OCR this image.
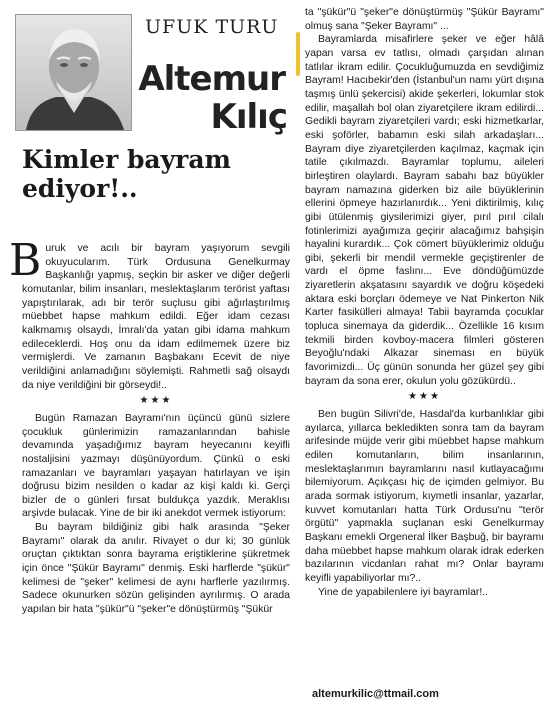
UFUK TURU
Altemur
Kılıç
Kimler bayram ediyor!..

Buruk ve acılı bir bayram yaşıyorum sevgili okuyucularım. Türk Ordusuna Genelkurmay Başkanlığı yapmış, seçkin bir asker ve diğer değerli komutanlar, bilim insanları, meslektaşlarım terörist yaftası yapıştırılarak, adı bir terör suçlusu gibi ağırlaştırılmış müebbet hapse mahkum edildi. Eğer idam cezası kalkmamış olsaydı, İmralı'da yatan gibi idama mahkum edileceklerdi. Hoş onu da idam edilmemek üzere biz vermişlerdi. Ve zamanın Başbakanı Ecevit de niye verildiğini anlamadığını söylemişti. Rahmetli sağ olsaydı da niye verildiğini bir görseydi!..

★★★

Bugün Ramazan Bayramı'nın üçüncü günü sizlere çocukluk günlerimizin ramazanlarından bahisle devamında yaşadığımız bayram heyecanını keyifli nostaljisini yazmayı düşünüyordum. Çünkü o eski ramazanları ve bayramları yaşayan hatırlayan ve işin doğrusu bizim nesilden o kadar az kişi kaldı ki. Gerçi bizler de o günleri fırsat buldukça yazdık. Meraklısı arşivde bulacak. Yine de bir iki anekdot vermek istiyorum:

Bu bayram bildiğiniz gibi halk arasında "Şeker Bayramı" olarak da anılır. Rivayet o dur ki; 30 günlük oruçtan çıktıktan sonra bayrama eriştiklerine şükretmek için önce "Şükür Bayramı" denmiş. Eski harflerde "şükür" kelimesi de "şeker" kelimesi de aynı harflerle yazılırmış. Sadece okunurken sözün gelişinden ayrılırmış. O arada yapılan bir hata "şükür"ü "şeker"e dönüştürmüş "Şükür

ta "şükür"ü "şeker"e dönüştürmüş "Şükür Bayramı" olmuş sana "Şeker Bayramı" ...

Bayramlarda misafirlere şeker ve eğer hâlâ yapan varsa ev tatlısı, olmadı çarşıdan alınan tatlılar ikram edilir. Çocukluğumuzda en sevdiğimiz Bayram! Hacıbekir'den (İstanbul'un namı yürt dışına taşmış ünlü şekercisi) akide şekerleri, lokumlar stok edilir, maşallah bol olan ziyaretçilere ikram edilirdi... Gedikli bayram ziyaretçileri vardı; eski hizmetkarlar, eski şoförler, babamın eski silah arkadaşları... Bayram diye ziyaretçilerden kaçılmaz, kaçmak için tatile çıkılmazdı. Bayramlar toplumu, aileleri birleştiren olaylardı. Bayram sabahı baz büyükler bayram namazına giderken biz aile büyüklerinin ellerini öpmeye hazırlanırdık... Yeni diktirilmiş, kılıç gibi ütülenmiş giysilerimizi giyer, pırıl pırıl cilalı fotinlerimizi ayağımıza geçirir alacağımız bahşişin hayalini kurardık... Çok cömert büyüklerimiz olduğu gibi, şekerli bir mendil vermekle geçiştirenler de vardı el öpme faslını... Eve döndüğümüzde ziyaretlerin akşatasını sayardık ve doğru köşedeki aktara eski borçları ödemeye ve Nat Pinkerton Nik Karter fasikülleri almaya! Tabii bayramda çocuklar topluca sinemaya da giderdik... Özellikle 16 kısım tekmili birden kovboy-macera filmleri gösteren Beyoğlu'ndaki Alkazar sineması en büyük favorimizdi... Üç günün sonunda her güzel şey gibi bayram da sona erer, okulun yolu gözükürdü..

★★★

Ben bugün Silivri'de, Hasdal'da kurbanlıklar gibi ayılarca, yıllarca bekledikten sonra tam da bayram arifesinde müjde verir gibi müebbet hapse mahkum edilen komutanların, bilim insanlarının, meslektaşlarımın bayramlarını nasıl kutlayacağımı bilemiyorum. Açıkçası hiç de içimden gelmiyor. Bu arada sormak istiyorum, kıymetli insanlar, yazarlar, kuvvet komutanları hatta Türk Ordusu'nu "terör örgütü" yapmakla suçlanan eski Genelkurmay Başkanı emekli Orgeneral İlker Başbuğ, bir bayramı daha müebbet hapse mahkum olarak idrak ederken bazılarının vicdanları rahat mı? Onlar bayramı keyifli yapabiliyorlar mı?..

Yine de yapabilenlere iyi bayramlar!..

altemurkilic@ttmail.com
